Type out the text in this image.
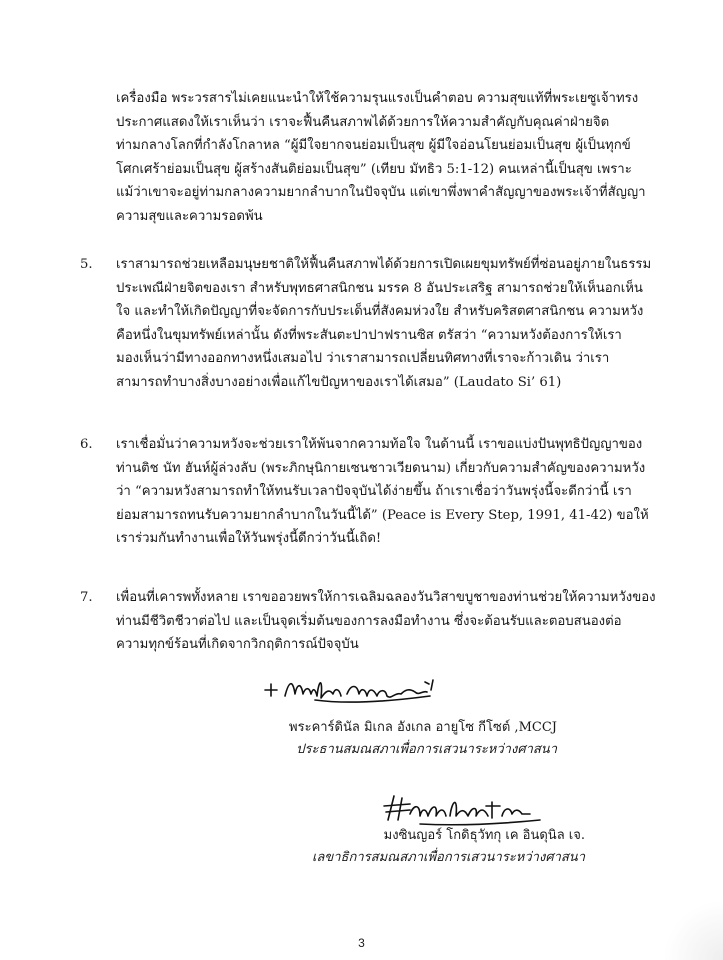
เครื่องมือ พระวรสารไม่เคยแนะนำให้ใช้ความรุนแรงเป็นคำตอบ ความสุขแท้ที่พระเยซูเจ้าทรง
ประกาศแสดงให้เราเห็นว่า เราจะฟื้นคืนสภาพได้ด้วยการให้ความสำคัญกับคุณค่าฝ่ายจิต
ท่ามกลางโลกที่กำลังโกลาหล “ผู้มีใจยากจนย่อมเป็นสุข ผู้มีใจอ่อนโยนย่อมเป็นสุข ผู้เป็นทุกข์
โศกเศร้าย่อมเป็นสุข ผู้สร้างสันติย่อมเป็นสุข” (เทียบ มัทธิว 5:1-12) คนเหล่านี้เป็นสุข เพราะ
แม้ว่าเขาจะอยู่ท่ามกลางความยากลำบากในปัจจุบัน แต่เขาพึ่งพาคำสัญญาของพระเจ้าที่สัญญา
ความสุขและความรอดพ้น
5. เราสามารถช่วยเหลือมนุษยชาติให้ฟื้นคืนสภาพได้ด้วยการเปิดเผยขุมทรัพย์ที่ซ่อนอยู่ภายในธรรม
ประเพณีฝ่ายจิตของเรา สำหรับพุทธศาสนิกชน มรรค 8 อันประเสริฐ สามารถช่วยให้เห็นอกเห็น
ใจ และทำให้เกิดปัญญาที่จะจัดการกับประเด็นที่สังคมห่วงใย สำหรับคริสตศาสนิกชน ความหวัง
คือหนึ่งในขุมทรัพย์เหล่านั้น ดังที่พระสันตะปาปาฟรานซิส ตรัสว่า “ความหวังต้องการให้เรา
มองเห็นว่ามีทางออกทางหนึ่งเสมอไป ว่าเราสามารถเปลี่ยนทิศทางที่เราจะก้าวเดิน ว่าเรา
สามารถทำบางสิ่งบางอย่างเพื่อแก้ไขปัญหาของเราได้เสมอ” (Laudato Si’ 61)
6. เราเชื่อมั่นว่าความหวังจะช่วยเราให้พ้นจากความท้อใจ ในด้านนี้ เราขอแบ่งปันพุทธิปัญญาของ
ท่านติช นัท ฮันห์ผู้ล่วงลับ (พระภิกษุนิกายเซนชาวเวียดนาม) เกี่ยวกับความสำคัญของความหวัง
ว่า “ความหวังสามารถทำให้ทนรับเวลาปัจจุบันได้ง่ายขึ้น ถ้าเราเชื่อว่าวันพรุ่งนี้จะดีกว่านี้ เรา
ย่อมสามารถทนรับความยากลำบากในวันนี้ได้” (Peace is Every Step, 1991, 41-42) ขอให้
เราร่วมกันทำงานเพื่อให้วันพรุ่งนี้ดีกว่าวันนี้เถิด!
7. เพื่อนที่เคารพทั้งหลาย เราขออวยพรให้การเฉลิมฉลองวันวิสาขบูชาของท่านช่วยให้ความหวังของ
ท่านมีชีวิตชีวาต่อไป และเป็นจุดเริ่มต้นของการลงมือทำงาน ซึ่งจะต้อนรับและตอบสนองต่อ
ความทุกข์ร้อนที่เกิดจากวิกฤติการณ์ปัจจุบัน
พระคาร์ดินัล มิเกล อังเกล อายูโซ กีโซต์ ,MCCJ
ประธานสมณสภาเพื่อการเสวนาระหว่างศาสนา
มงซินญอร์ โกดิธุวัทกุ เค อินดุนิล เจ.
เลขาธิการสมณสภาเพื่อการเสวนาระหว่างศาสนา
3
